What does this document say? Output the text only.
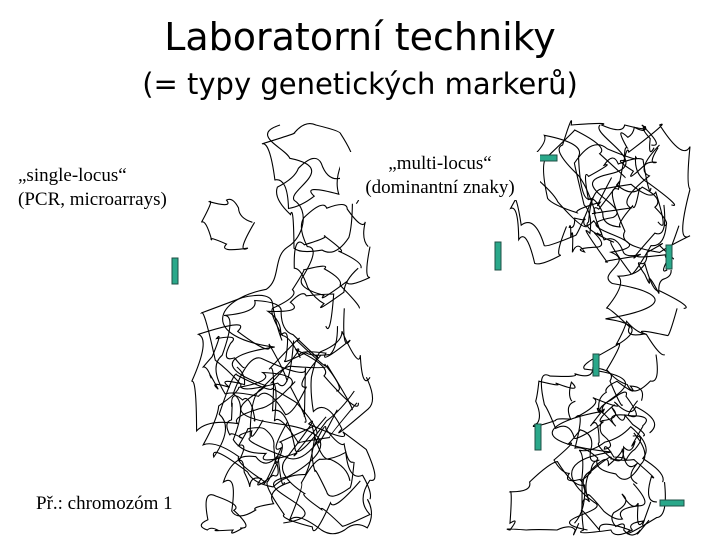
Laboratorní techniky
(= typy genetických markerů)
„single-locus“
(PCR, microarrays)
„multi-locus“
(dominantní znaky)
Př.: chromozóm 1
